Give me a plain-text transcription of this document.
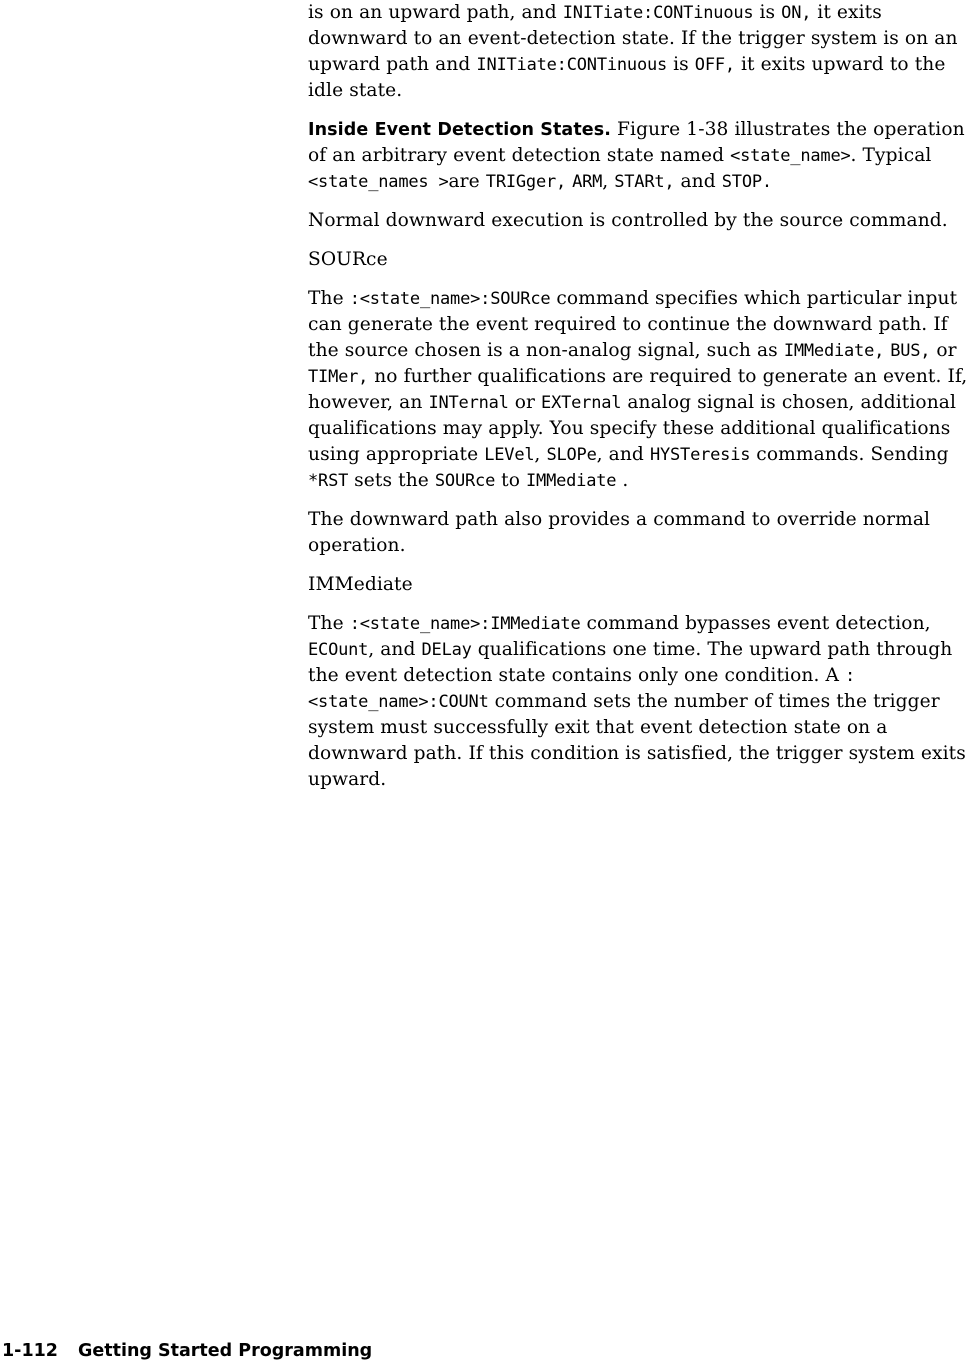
is on an upward path, and INITiate:CONTinuous is ON, it exits downward to an event-detection state. If the trigger system is on an upward path and INITiate:CONTinuous is OFF, it exits upward to the idle state.

Inside Event Detection States. Figure 1-38 illustrates the operation of an arbitrary event detection state named <state_name>. Typical <state_names >are TRIGger, ARM, STARt, and STOP.

Normal downward execution is controlled by the source command.

SOURce

The :<state_name>:SOURce command specifies which particular input can generate the event required to continue the downward path. If the source chosen is a non-analog signal, such as IMMediate, BUS, or TIMer, no further qualifications are required to generate an event. If, however, an INTernal or EXTernal analog signal is chosen, additional qualifications may apply. You specify these additional qualifications using appropriate LEVel, SLOPe, and HYSTeresis commands. Sending *RST sets the SOURce to IMMediate .

The downward path also provides a command to override normal operation.

IMMediate

The :<state_name>:IMMediate command bypasses event detection, ECOunt, and DELay qualifications one time. The upward path through the event detection state contains only one condition. A :<state_name>:COUNt command sets the number of times the trigger system must successfully exit that event detection state on a downward path. If this condition is satisfied, the trigger system exits upward.

1-112 Getting Started Programming
